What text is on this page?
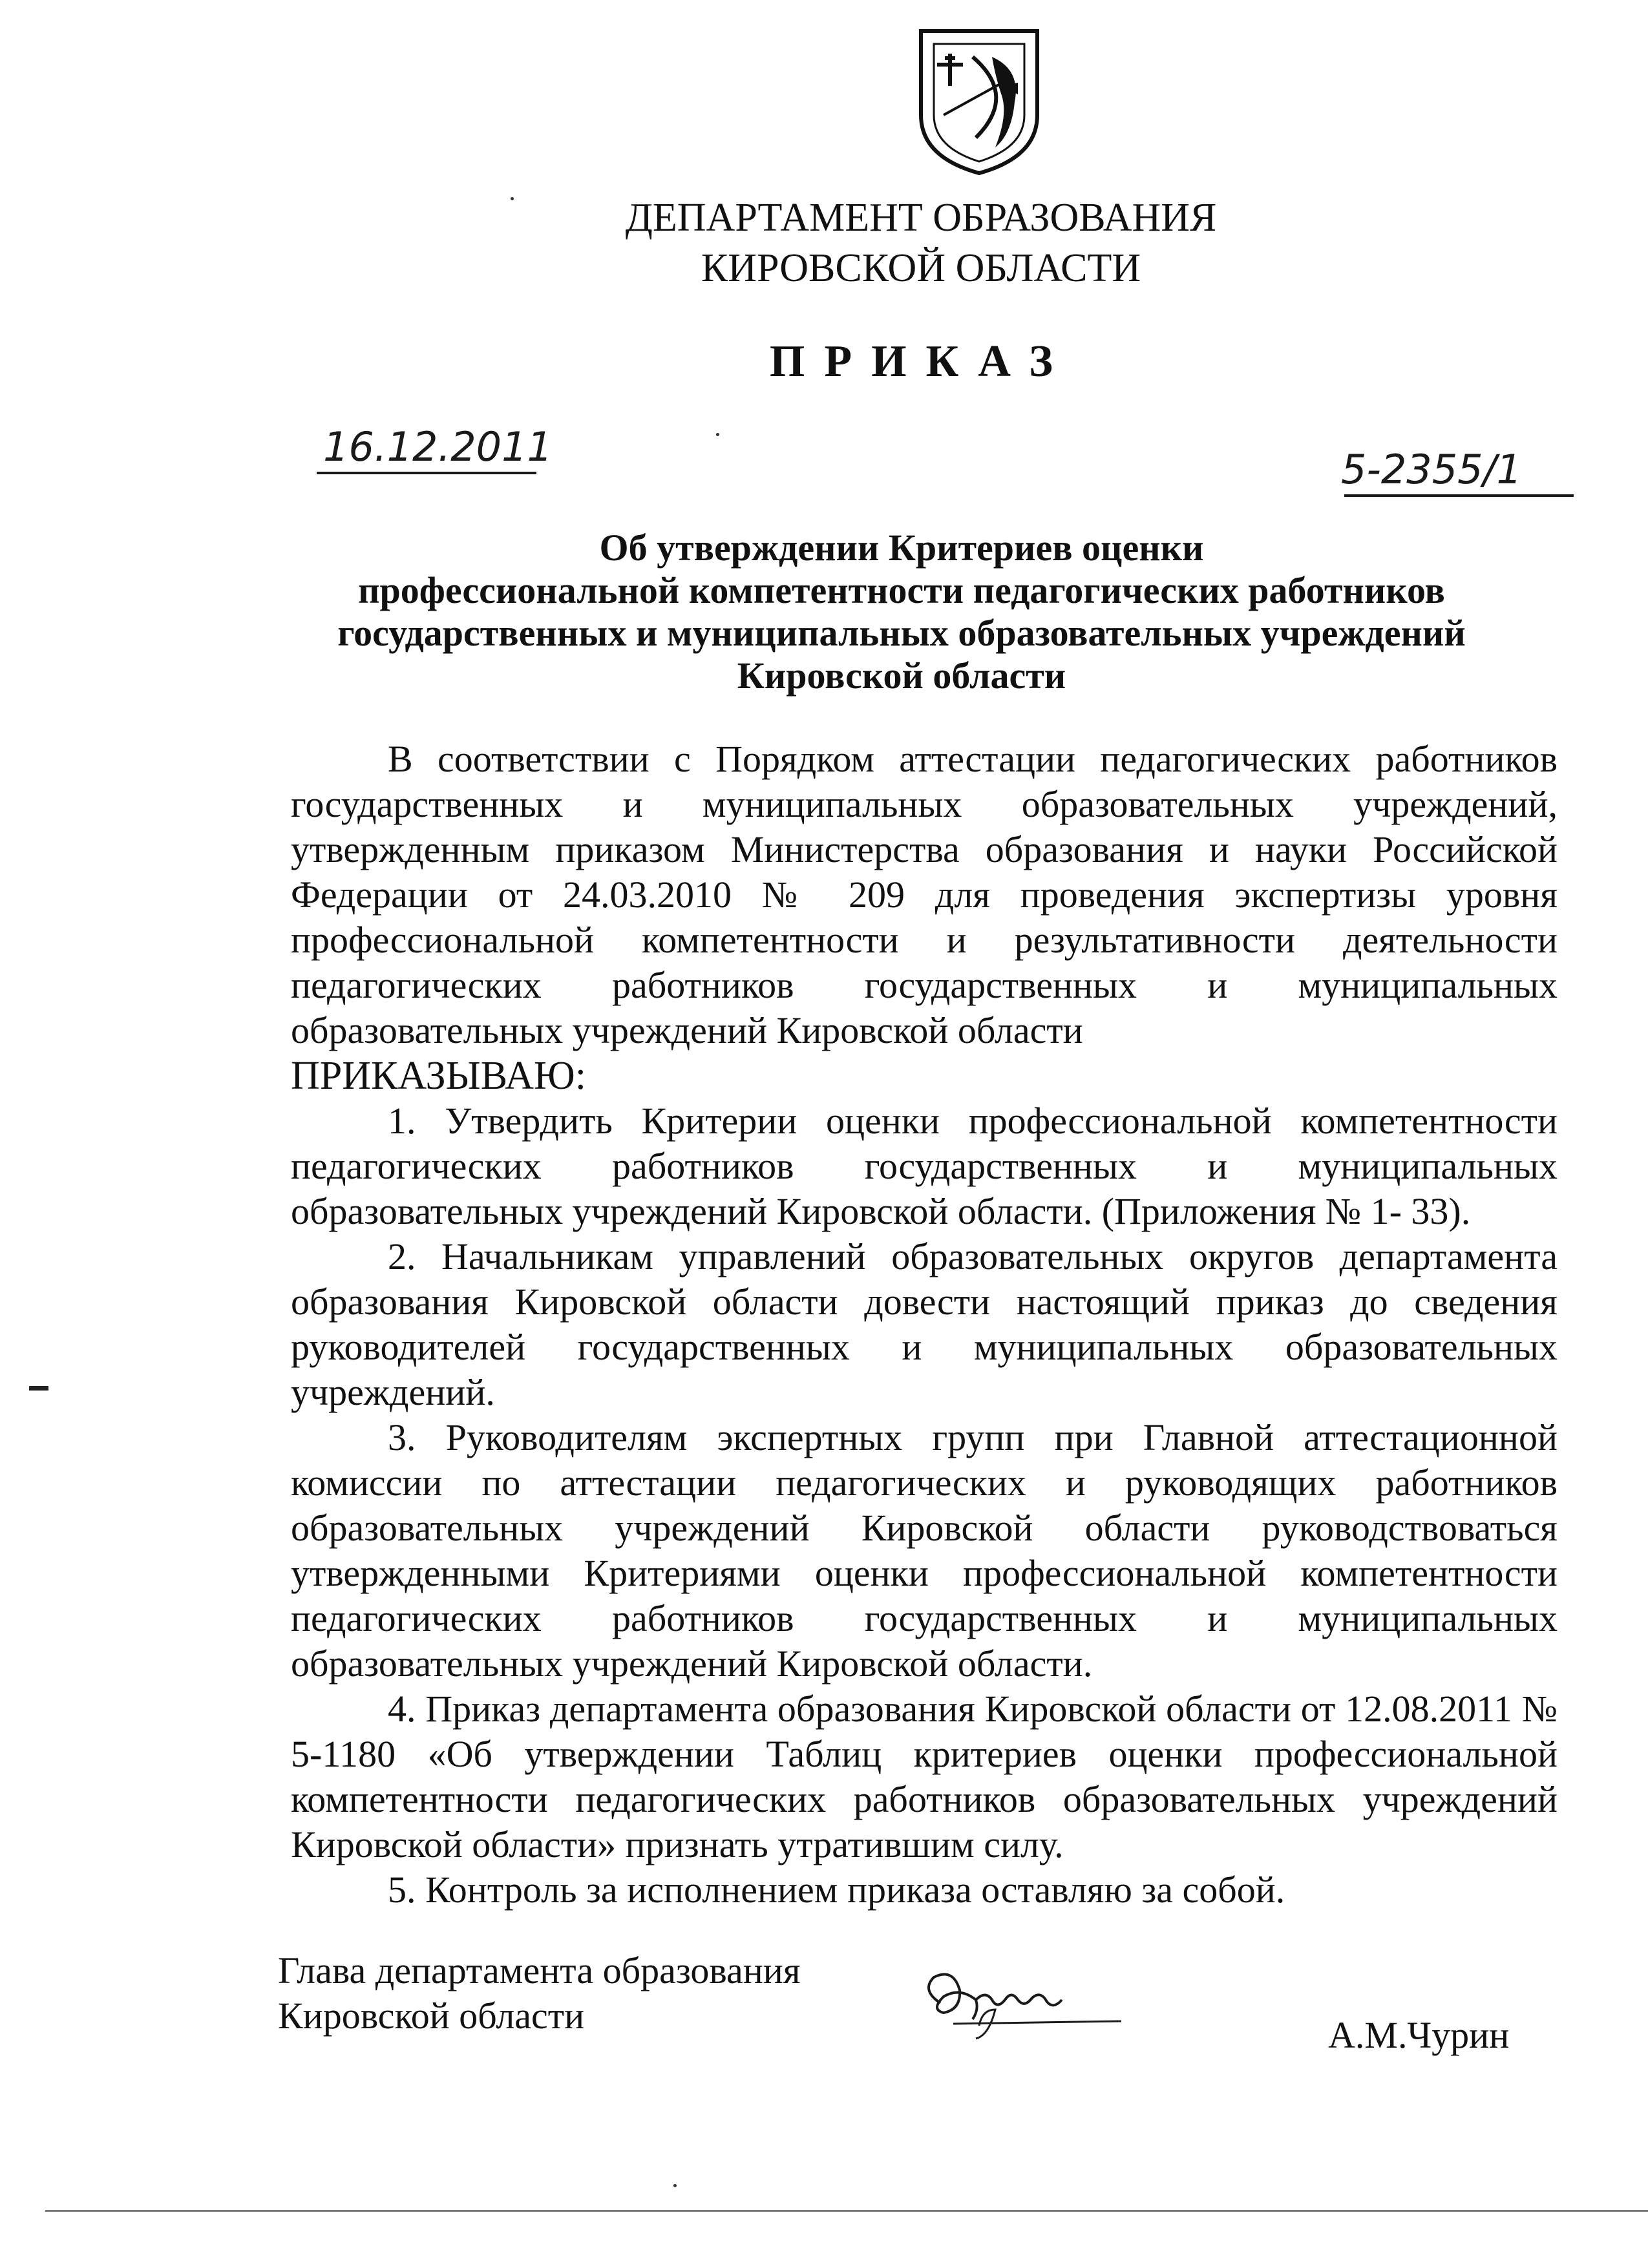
ДЕПАРТАМЕНТ ОБРАЗОВАНИЯ
КИРОВСКОЙ ОБЛАСТИ
ПРИКАЗ
16.12.2011	5-2355/1
Об утверждении Критериев оценки
профессиональной компетентности педагогических работников
государственных и муниципальных образовательных учреждений
Кировской области

В соответствии с Порядком аттестации педагогических работников государственных и муниципальных образовательных учреждений, утвержденным приказом Министерства образования и науки Российской Федерации от 24.03.2010 № 209 для проведения экспертизы уровня профессиональной компетентности и результативности деятельности педагогических работников государственных и муниципальных образовательных учреждений Кировской области

ПРИКАЗЫВАЮ:

1. Утвердить Критерии оценки профессиональной компетентности педагогических работников государственных и муниципальных образовательных учреждений Кировской области. (Приложения № 1- 33).

2. Начальникам управлений образовательных округов департамента образования Кировской области довести настоящий приказ до сведения руководителей государственных и муниципальных образовательных учреждений.

3. Руководителям экспертных групп при Главной аттестационной комиссии по аттестации педагогических и руководящих работников образовательных учреждений Кировской области руководствоваться утвержденными Критериями оценки профессиональной компетентности педагогических работников государственных и муниципальных образовательных учреждений Кировской области.

4. Приказ департамента образования Кировской области от 12.08.2011 № 5-1180 «Об утверждении Таблиц критериев оценки профессиональной компетентности педагогических работников образовательных учреждений Кировской области» признать утратившим силу.

5. Контроль за исполнением приказа оставляю за собой.

Глава департамента образования
Кировской области	А.М.Чурин
